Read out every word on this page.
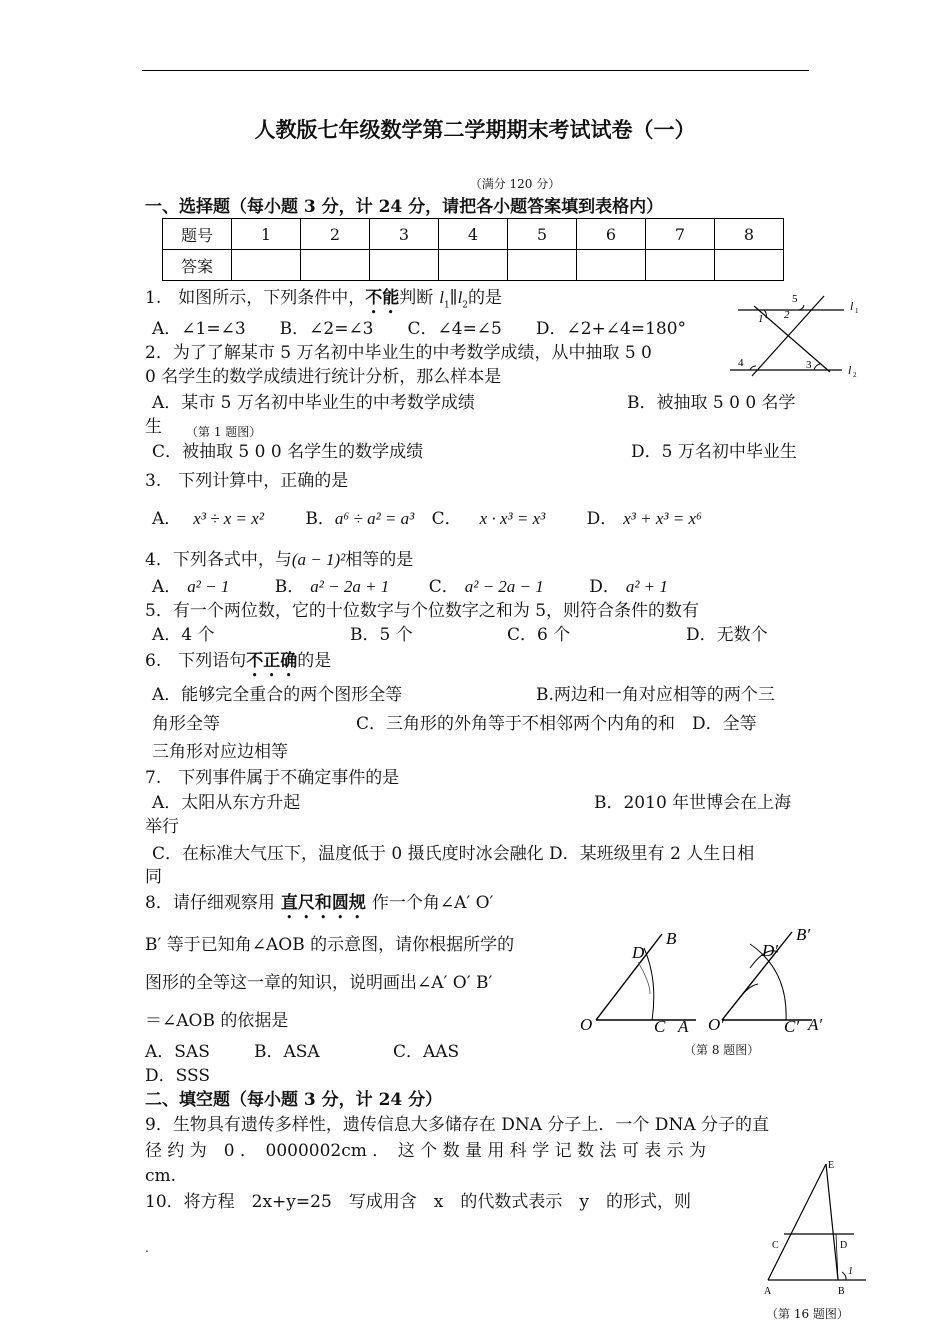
人教版七年级数学第二学期期末考试试卷（一）
（满分 120 分）
一、选择题（每小题 3 分，计 24 分，请把各小题答案填到表格内）
题号	1	2	3	4	5	6	7	8
答案								
1.　如图所示，下列条件中，不能判断 $l_1\parallel l_2$的是
A．∠1=∠3　　B．∠2=∠3　　C．∠4=∠5　　D．∠2+∠4=180°
5
1 2
4	3
l 1
l 2
2．为了了解某市 5 万名初中毕业生的中考数学成绩，从中抽取 5 0
0 名学生的数学成绩进行统计分析，那么样本是
A．某市 5 万名初中毕业生的中考数学成绩	B．被抽取 5 0 0 名学
生 （第 1 题图）
C．被抽取 5 0 0 名学生的数学成绩	D．5 万名初中毕业生
3.　下列计算中，正确的是
A． x³ ÷ x = x² B．a⁶ ÷ a² = a³ C． x · x³ = x³ D． x³ + x³ = x⁶
4．下列各式中，与(a − 1)²相等的是
A． a² − 1	B． a² − 2a + 1 C． a² − 2a − 1	D． a² + 1
5．有一个两位数，它的十位数字与个位数字之和为 5，则符合条件的数有
A．4 个	B．5 个	C．6 个	D．无数个
6.　下列语句不正确的是
A．能够完全重合的两个图形全等	B.两边和一角对应相等的两个三
角形全等	C．三角形的外角等于不相邻两个内角的和　D．全等
三角形对应边相等
7.　下列事件属于不确定事件的是
A．太阳从东方升起	B．2010 年世博会在上海
举行
C．在标准大气压下，温度低于 0 摄氏度时冰会融化 D．某班级里有 2 人生日相
同
8．请仔细观察用 直尺和圆规 作一个角∠A′ O′
B′ 等于已知角∠AOB 的示意图，请你根据所学的
图形的全等这一章的知识，说明画出∠A′ O′ B′
＝∠AOB 的依据是
A．SAS	B．ASA	C．AAS
D．SSS
D
B
O	C A
D′
B′
O′	C′ A′
（第 8 题图）
二、填空题（每小题 3 分，计 24 分）
9．生物具有遗传多样性，遗传信息大多储存在 DNA 分子上．一个 DNA 分子的直
径 约 为　0 ．　0000002cm ．　这 个 数 量 用 科 学 记 数 法 可 表 示 为
cm.
10．将方程　2x+y=25　写成用含　x　的代数式表示　y　的形式，则
E
C	D
A	B
1
（第 16 题图）
.
